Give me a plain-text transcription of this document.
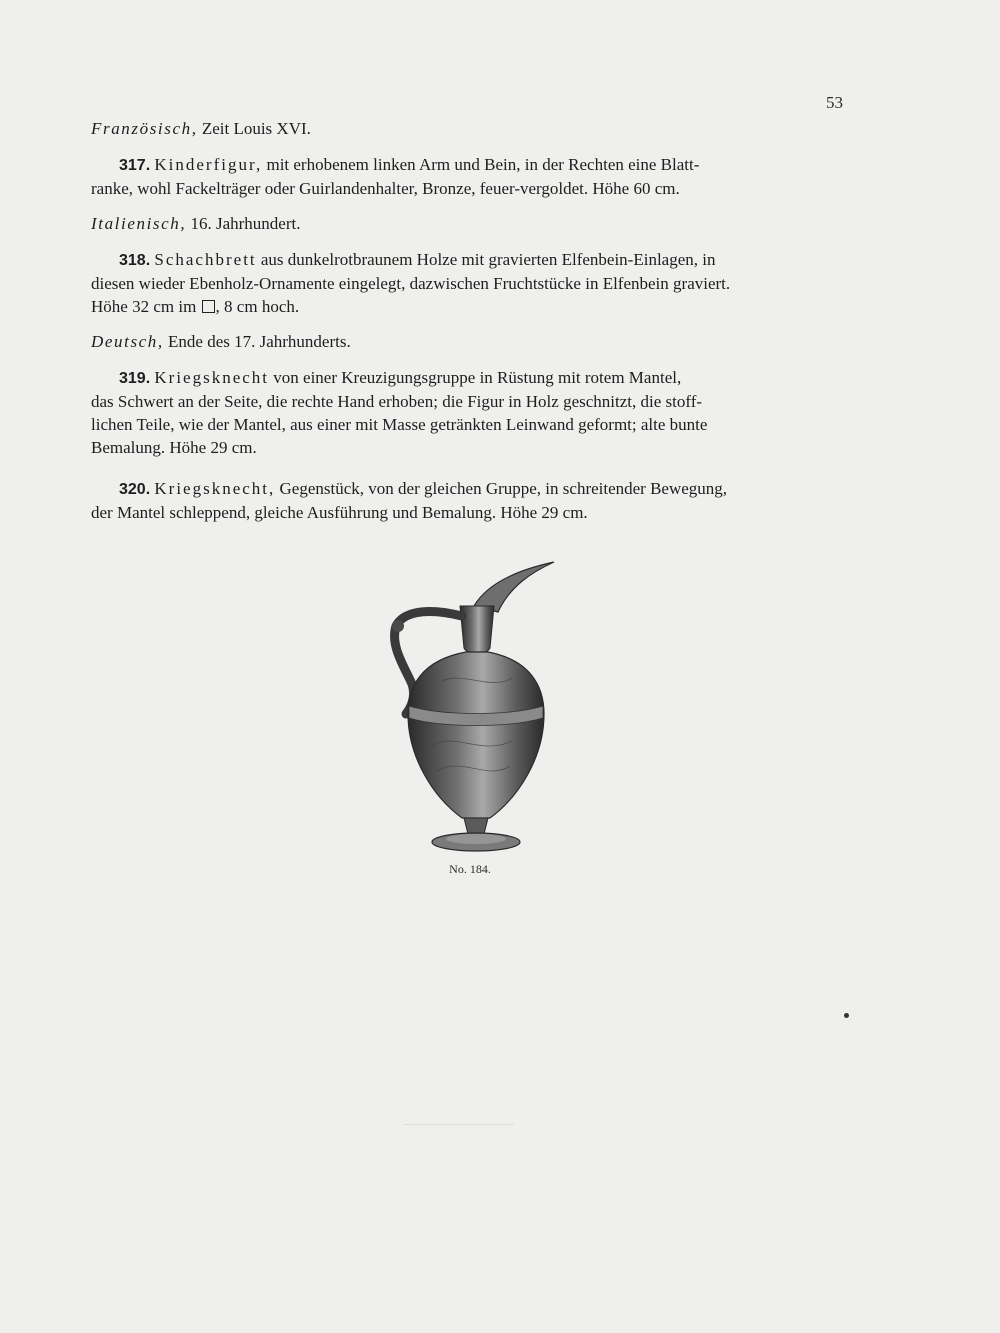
53

Französisch, Zeit Louis XVI.

317. Kinderfigur, mit erhobenem linken Arm und Bein, in der Rechten eine Blatt-
ranke, wohl Fackelträger oder Guirlandenhalter, Bronze, feuer-vergoldet. Höhe 60 cm.

Italienisch, 16. Jahrhundert.

318. Schachbrett aus dunkelrotbraunem Holze mit gravierten Elfenbein-Einlagen, in
diesen wieder Ebenholz-Ornamente eingelegt, dazwischen Fruchtstücke in Elfenbein graviert.
Höhe 32 cm im , 8 cm hoch.

Deutsch, Ende des 17. Jahrhunderts.

319. Kriegsknecht von einer Kreuzigungsgruppe in Rüstung mit rotem Mantel,
das Schwert an der Seite, die rechte Hand erhoben; die Figur in Holz geschnitzt, die stoff-
lichen Teile, wie der Mantel, aus einer mit Masse getränkten Leinwand geformt; alte bunte
Bemalung. Höhe 29 cm.

320. Kriegsknecht, Gegenstück, von der gleichen Gruppe, in schreitender Bewegung,
der Mantel schleppend, gleiche Ausführung und Bemalung. Höhe 29 cm.

No. 184.
